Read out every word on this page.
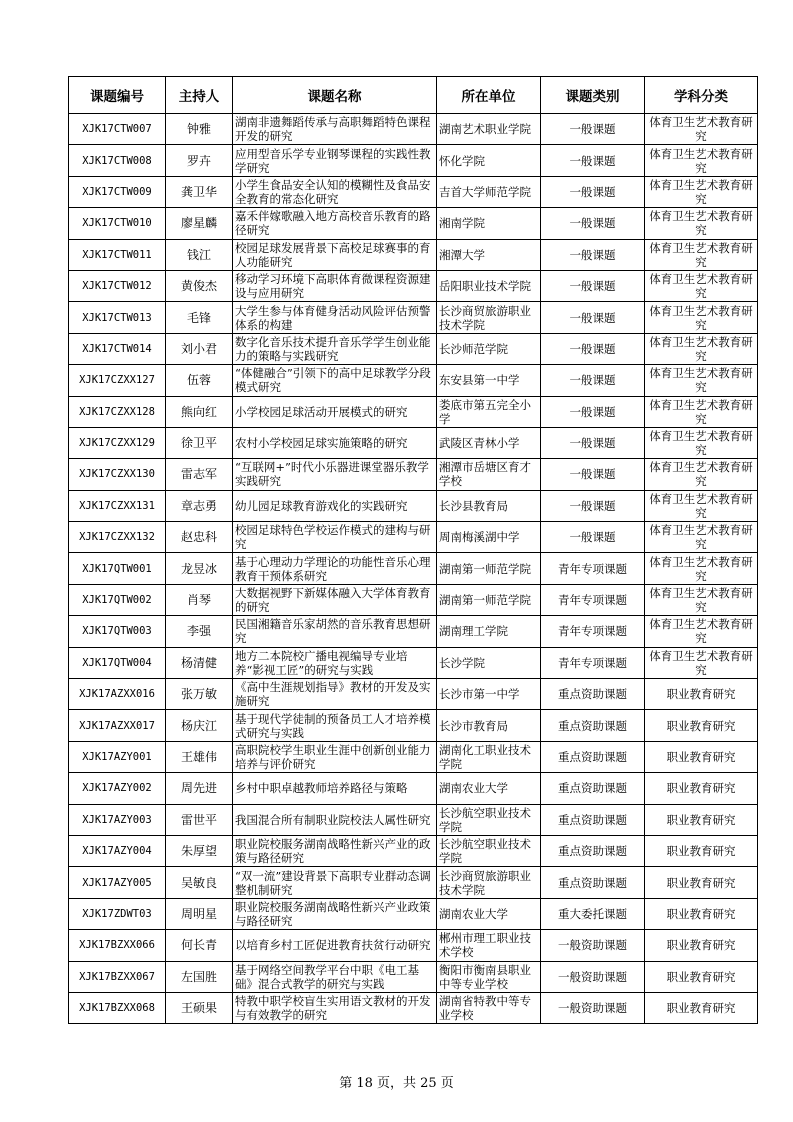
课题编号	主持人	课题名称	所在单位	课题类别	学科分类
XJK17CTW007	钟雅	湖南非遗舞蹈传承与高职舞蹈特色课程开发的研究	湖南艺术职业学院	一般课题	体育卫生艺术教育研究
XJK17CTW008	罗卉	应用型音乐学专业钢琴课程的实践性教学研究	怀化学院	一般课题	体育卫生艺术教育研究
XJK17CTW009	龚卫华	小学生食品安全认知的模糊性及食品安全教育的常态化研究	吉首大学师范学院	一般课题	体育卫生艺术教育研究
XJK17CTW010	廖星麟	嘉禾伴嫁歌融入地方高校音乐教育的路径研究	湘南学院	一般课题	体育卫生艺术教育研究
XJK17CTW011	钱江	校园足球发展背景下高校足球赛事的育人功能研究	湘潭大学	一般课题	体育卫生艺术教育研究
XJK17CTW012	黄俊杰	移动学习环境下高职体育微课程资源建设与应用研究	岳阳职业技术学院	一般课题	体育卫生艺术教育研究
XJK17CTW013	毛锋	大学生参与体育健身活动风险评估预警体系的构建	长沙商贸旅游职业技术学院	一般课题	体育卫生艺术教育研究
XJK17CTW014	刘小君	数字化音乐技术提升音乐学学生创业能力的策略与实践研究	长沙师范学院	一般课题	体育卫生艺术教育研究
XJK17CZXX127	伍蓉	“体健融合”引领下的高中足球教学分段模式研究	东安县第一中学	一般课题	体育卫生艺术教育研究
XJK17CZXX128	熊向红	小学校园足球活动开展模式的研究	娄底市第五完全小学	一般课题	体育卫生艺术教育研究
XJK17CZXX129	徐卫平	农村小学校园足球实施策略的研究	武陵区青林小学	一般课题	体育卫生艺术教育研究
XJK17CZXX130	雷志军	“互联网+”时代小乐器进课堂器乐教学实践研究	湘潭市岳塘区育才学校	一般课题	体育卫生艺术教育研究
XJK17CZXX131	章志勇	幼儿园足球教育游戏化的实践研究	长沙县教育局	一般课题	体育卫生艺术教育研究
XJK17CZXX132	赵忠科	校园足球特色学校运作模式的建构与研究	周南梅溪湖中学	一般课题	体育卫生艺术教育研究
XJK17QTW001	龙昱冰	基于心理动力学理论的功能性音乐心理教育干预体系研究	湖南第一师范学院	青年专项课题	体育卫生艺术教育研究
XJK17QTW002	肖琴	大数据视野下新媒体融入大学体育教育的研究	湖南第一师范学院	青年专项课题	体育卫生艺术教育研究
XJK17QTW003	李强	民国湘籍音乐家胡然的音乐教育思想研究	湖南理工学院	青年专项课题	体育卫生艺术教育研究
XJK17QTW004	杨清健	地方二本院校广播电视编导专业培养“影视工匠”的研究与实践	长沙学院	青年专项课题	体育卫生艺术教育研究
XJK17AZXX016	张万敏	《高中生涯规划指导》教材的开发及实施研究	长沙市第一中学	重点资助课题	职业教育研究
XJK17AZXX017	杨庆江	基于现代学徒制的预备员工人才培养模式研究与实践	长沙市教育局	重点资助课题	职业教育研究
XJK17AZY001	王雄伟	高职院校学生职业生涯中创新创业能力培养与评价研究	湖南化工职业技术学院	重点资助课题	职业教育研究
XJK17AZY002	周先进	乡村中职卓越教师培养路径与策略	湖南农业大学	重点资助课题	职业教育研究
XJK17AZY003	雷世平	我国混合所有制职业院校法人属性研究	长沙航空职业技术学院	重点资助课题	职业教育研究
XJK17AZY004	朱厚望	职业院校服务湖南战略性新兴产业的政策与路径研究	长沙航空职业技术学院	重点资助课题	职业教育研究
XJK17AZY005	吴敏良	“双一流”建设背景下高职专业群动态调整机制研究	长沙商贸旅游职业技术学院	重点资助课题	职业教育研究
XJK17ZDWT03	周明星	职业院校服务湖南战略性新兴产业政策与路径研究	湖南农业大学	重大委托课题	职业教育研究
XJK17BZXX066	何长青	以培育乡村工匠促进教育扶贫行动研究	郴州市理工职业技术学校	一般资助课题	职业教育研究
XJK17BZXX067	左国胜	基于网络空间教学平台中职《电工基础》混合式教学的研究与实践	衡阳市衡南县职业中等专业学校	一般资助课题	职业教育研究
XJK17BZXX068	王硕果	特教中职学校盲生实用语文教材的开发与有效教学的研究	湖南省特教中等专业学校	一般资助课题	职业教育研究
第 18 页，共 25 页
